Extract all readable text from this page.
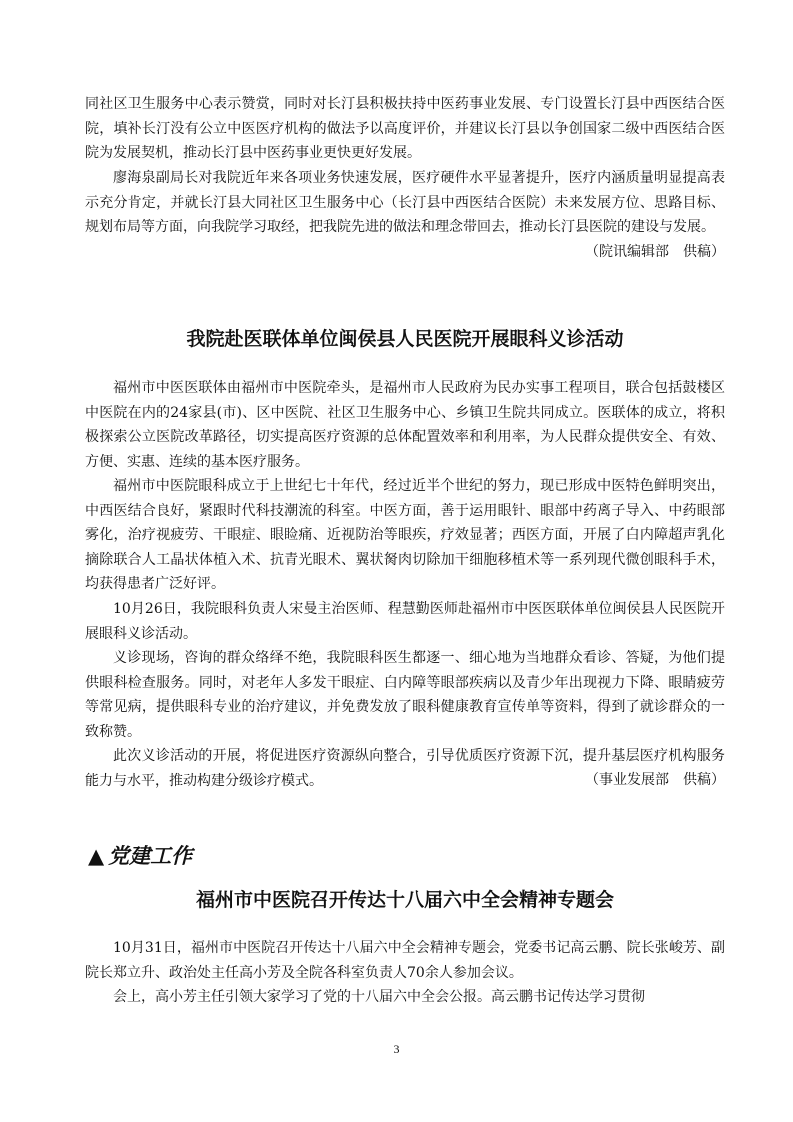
同社区卫生服务中心表示赞赏，同时对长汀县积极扶持中医药事业发展、专门设置长汀县中西医结合医院，填补长汀没有公立中医医疗机构的做法予以高度评价，并建议长汀县以争创国家二级中西医结合医院为发展契机，推动长汀县中医药事业更快更好发展。

廖海泉副局长对我院近年来各项业务快速发展，医疗硬件水平显著提升，医疗内涵质量明显提高表示充分肯定，并就长汀县大同社区卫生服务中心（长汀县中西医结合医院）未来发展方位、思路目标、规划布局等方面，向我院学习取经，把我院先进的做法和理念带回去，推动长汀县医院的建设与发展。

（院讯编辑部　供稿）
我院赴医联体单位闽侯县人民医院开展眼科义诊活动

福州市中医医联体由福州市中医院牵头，是福州市人民政府为民办实事工程项目，联合包括鼓楼区中医院在内的24家县(市)、区中医院、社区卫生服务中心、乡镇卫生院共同成立。医联体的成立，将积极探索公立医院改革路径，切实提高医疗资源的总体配置效率和利用率，为人民群众提供安全、有效、方便、实惠、连续的基本医疗服务。

福州市中医院眼科成立于上世纪七十年代，经过近半个世纪的努力，现已形成中医特色鲜明突出，中西医结合良好，紧跟时代科技潮流的科室。中医方面，善于运用眼针、眼部中药离子导入、中药眼部雾化，治疗视疲劳、干眼症、眼睑痛、近视防治等眼疾，疗效显著；西医方面，开展了白内障超声乳化摘除联合人工晶状体植入术、抗青光眼术、翼状胬肉切除加干细胞移植术等一系列现代微创眼科手术，均获得患者广泛好评。

10月26日，我院眼科负责人宋曼主治医师、程慧勤医师赴福州市中医医联体单位闽侯县人民医院开展眼科义诊活动。

义诊现场，咨询的群众络绎不绝，我院眼科医生都逐一、细心地为当地群众看诊、答疑，为他们提供眼科检查服务。同时，对老年人多发干眼症、白内障等眼部疾病以及青少年出现视力下降、眼睛疲劳等常见病，提供眼科专业的治疗建议，并免费发放了眼科健康教育宣传单等资料，得到了就诊群众的一致称赞。

此次义诊活动的开展，将促进医疗资源纵向整合，引导优质医疗资源下沉，提升基层医疗机构服务能力与水平，推动构建分级诊疗模式。	（事业发展部　供稿）
▲ 党建工作
福州市中医院召开传达十八届六中全会精神专题会

10月31日，福州市中医院召开传达十八届六中全会精神专题会，党委书记高云鹏、院长张峻芳、副院长郑立升、政治处主任高小芳及全院各科室负责人70余人参加会议。

会上，高小芳主任引领大家学习了党的十八届六中全会公报。高云鹏书记传达学习贯彻

3
